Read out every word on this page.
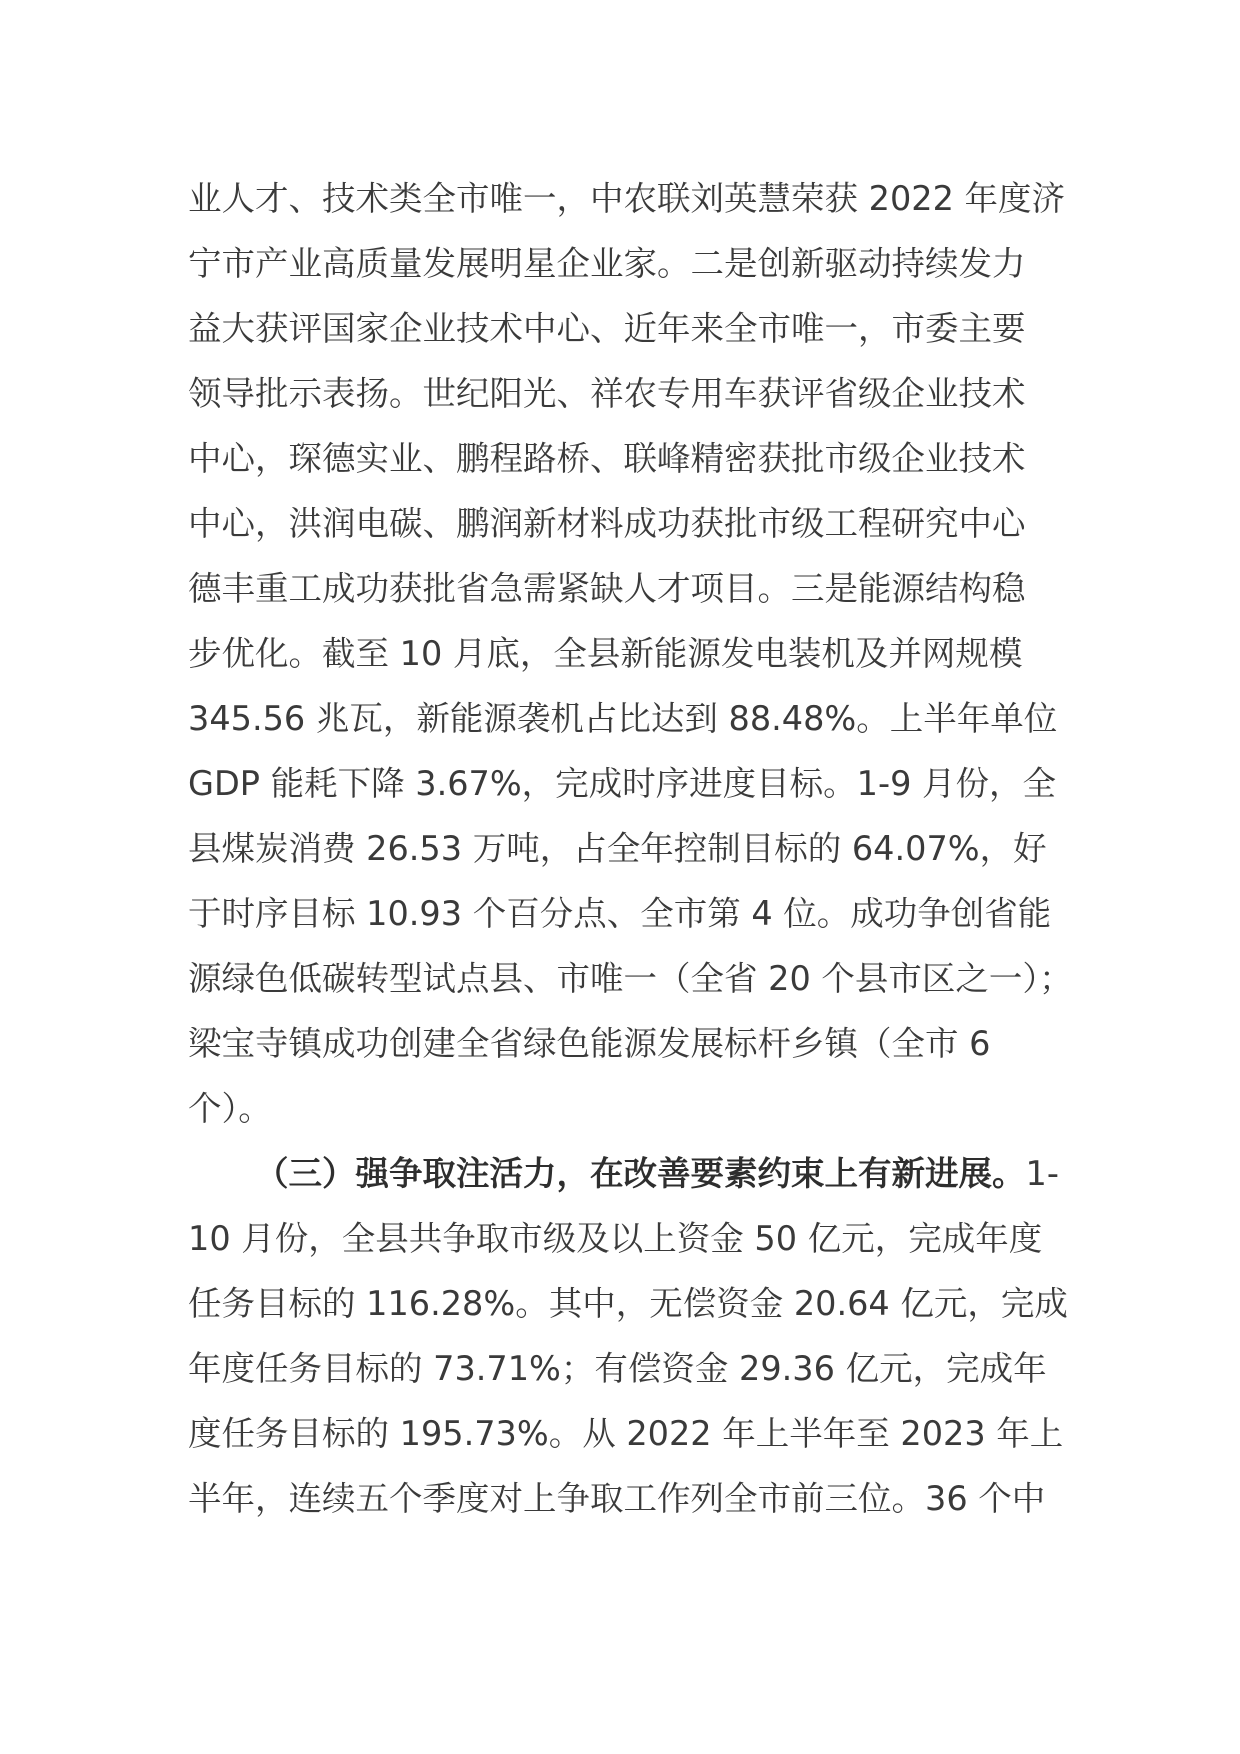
业人才、技术类全市唯一，中农联刘英慧荣获 2022 年度济
宁市产业高质量发展明星企业家。二是创新驱动持续发力
益大获评国家企业技术中心、近年来全市唯一，市委主要
领导批示表扬。世纪阳光、祥农专用车获评省级企业技术
中心，琛德实业、鹏程路桥、联峰精密获批市级企业技术
中心，洪润电碳、鹏润新材料成功获批市级工程研究中心
德丰重工成功获批省急需紧缺人才项目。三是能源结构稳
步优化。截至 10 月底，全县新能源发电装机及并网规模
345.56 兆瓦，新能源袭机占比达到 88.48%。上半年单位
GDP 能耗下降 3.67%，完成时序进度目标。1-9 月份，全
县煤炭消费 26.53 万吨，占全年控制目标的 64.07%，好
于时序目标 10.93 个百分点、全市第 4 位。成功争创省能
源绿色低碳转型试点县、市唯一（全省 20 个县市区之一）；
梁宝寺镇成功创建全省绿色能源发展标杆乡镇（全市 6
个）。
（三）强争取注活力，在改善要素约束上有新进展。1-
10 月份，全县共争取市级及以上资金 50 亿元，完成年度
任务目标的 116.28%。其中，无偿资金 20.64 亿元，完成
年度任务目标的 73.71%；有偿资金 29.36 亿元，完成年
度任务目标的 195.73%。从 2022 年上半年至 2023 年上
半年，连续五个季度对上争取工作列全市前三位。36 个中
